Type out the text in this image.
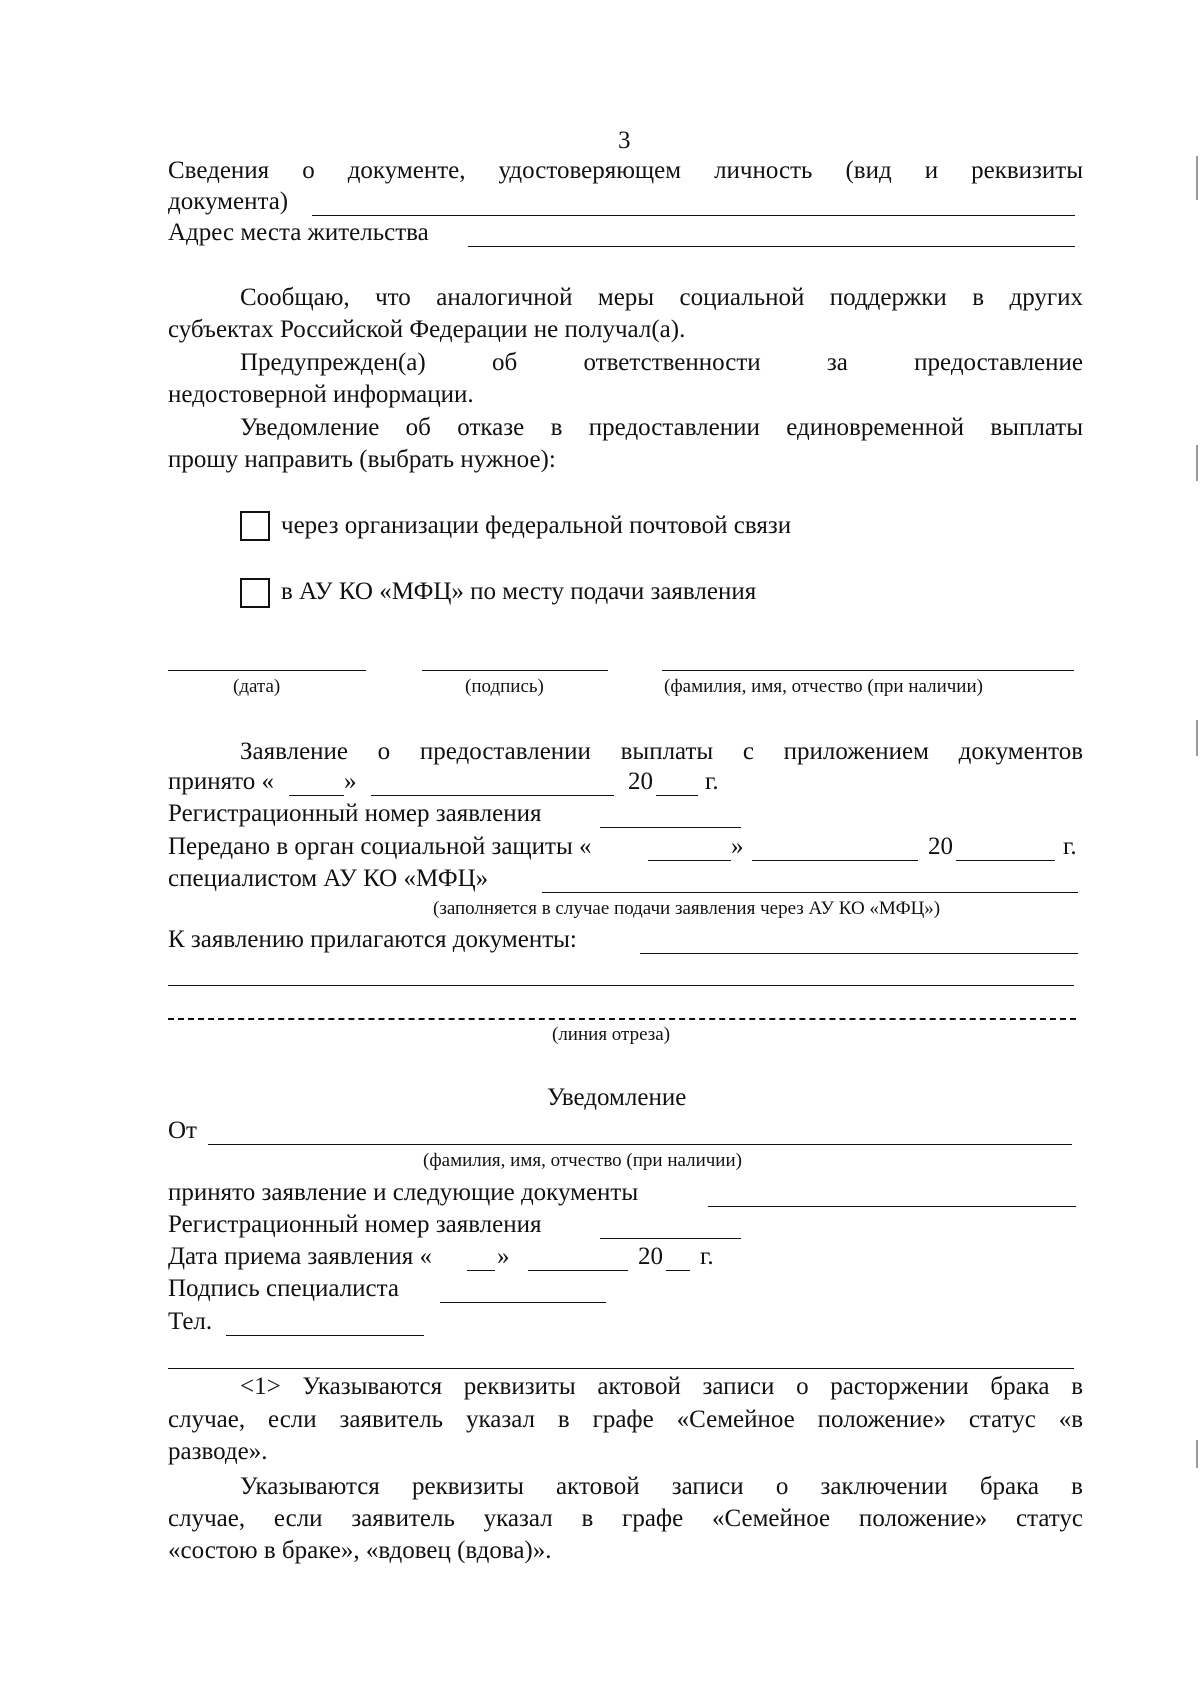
3
Сведения о документе, удостоверяющем личность (вид и реквизиты
документа)
Адрес места жительства
Сообщаю, что аналогичной меры социальной поддержки в других
субъектах Российской Федерации не получал(а).
Предупрежден(а) об ответственности за предоставление
недостоверной информации.
Уведомление об отказе в предоставлении единовременной выплаты
прошу направить (выбрать нужное):
через организации федеральной почтовой связи
в АУ КО «МФЦ» по месту подачи заявления
(дата)	(подпись)	(фамилия, имя, отчество (при наличии)
Заявление о предоставлении выплаты с приложением документов
принято «	»	20 г.
Регистрационный номер заявления
Передано в орган социальной защиты «	»	20	г.
специалистом АУ КО «МФЦ»
(заполняется в случае подачи заявления через АУ КО «МФЦ»)
К заявлению прилагаются документы:
(линия отреза)
Уведомление
От
(фамилия, имя, отчество (при наличии)
принято заявление и следующие документы
Регистрационный номер заявления
Дата приема заявления «	»	20 г.
Подпись специалиста
Тел.
<1> Указываются реквизиты актовой записи о расторжении брака в
случае, если заявитель указал в графе «Семейное положение» статус «в
разводе».
Указываются реквизиты актовой записи о заключении брака в
случае, если заявитель указал в графе «Семейное положение» статус
«состою в браке», «вдовец (вдова)».
